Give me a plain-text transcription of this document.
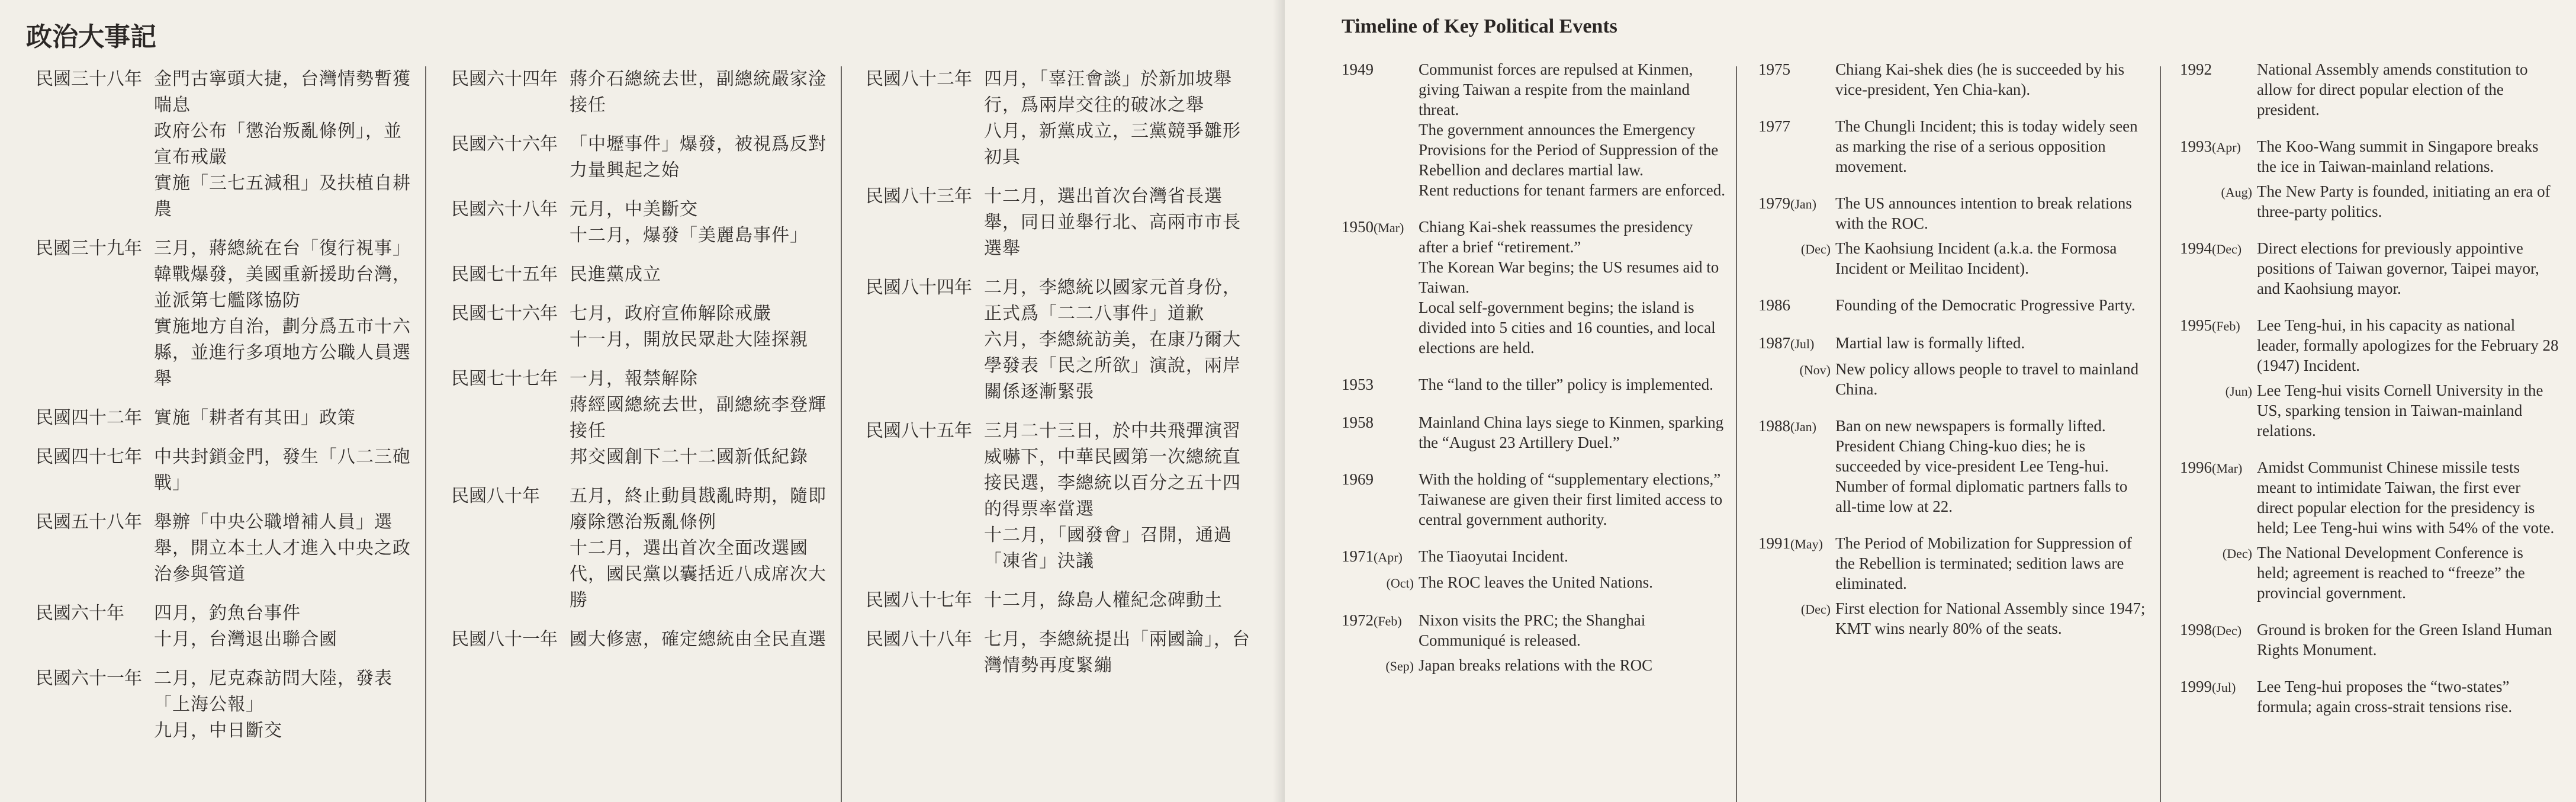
政治大事記
民國三十八年 金門古寧頭大捷，台灣情勢暫獲喘息
政府公布「懲治叛亂條例」，並宣布戒嚴
實施「三七五減租」及扶植自耕農
民國三十九年 三月，蔣總統在台「復行視事」
韓戰爆發，美國重新援助台灣，並派第七艦隊協防
實施地方自治，劃分爲五市十六縣，並進行多項地方公職人員選舉
民國四十二年 實施「耕者有其田」政策
民國四十七年 中共封鎖金門，發生「八二三砲戰」
民國五十八年 舉辦「中央公職增補人員」選舉，開立本土人才進入中央之政治參與管道
民國六十年	四月，釣魚台事件
十月，台灣退出聯合國
民國六十一年 二月，尼克森訪問大陸，發表「上海公報」
九月，中日斷交
民國六十四年 蔣介石總統去世，副總統嚴家淦接任
民國六十六年 「中壢事件」爆發，被視爲反對力量興起之始
民國六十八年 元月，中美斷交
十二月，爆發「美麗島事件」
民國七十五年 民進黨成立
民國七十六年 七月，政府宣佈解除戒嚴
十一月，開放民眾赴大陸探親
民國七十七年 一月，報禁解除
蔣經國總統去世，副總統李登輝接任
邦交國創下二十二國新低紀錄
民國八十年	五月，終止動員戡亂時期，隨即廢除懲治叛亂條例
十二月，選出首次全面改選國代，國民黨以囊括近八成席次大勝
民國八十一年 國大修憲，確定總統由全民直選
民國八十二年 四月，「辜汪會談」於新加坡舉行，爲兩岸交往的破冰之舉
八月，新黨成立，三黨競爭雛形初具
民國八十三年 十二月，選出首次台灣省長選舉，同日並舉行北、高兩市市長選舉
民國八十四年 二月，李總統以國家元首身份，正式爲「二二八事件」道歉
六月，李總統訪美，在康乃爾大學發表「民之所欲」演說，兩岸關係逐漸緊張
民國八十五年 三月二十三日，於中共飛彈演習威嚇下，中華民國第一次總統直接民選，李總統以百分之五十四的得票率當選
十二月，「國發會」召開，通過「凍省」決議
民國八十七年 十二月，綠島人權紀念碑動土
民國八十八年 七月，李總統提出「兩國論」，台灣情勢再度緊繃
Timeline of Key Political Events
1949	Communist forces are repulsed at Kinmen, giving Taiwan a respite from the mainland threat.
The government announces the Emergency Provisions for the Period of Suppression of the Rebellion and declares martial law.
Rent reductions for tenant farmers are enforced.
1950(Mar) Chiang Kai-shek reassumes the presidency after a brief “retirement.”
The Korean War begins; the US resumes aid to Taiwan.
Local self-government begins; the island is divided into 5 cities and 16 counties, and local elections are held.
1953	The “land to the tiller” policy is implemented.
1958	Mainland China lays siege to Kinmen, sparking the “August 23 Artillery Duel.”
1969	With the holding of “supplementary elections,” Taiwanese are given their first limited access to central government authority.
1971(Apr)	The Tiaoyutai Incident.
(Oct) The ROC leaves the United Nations.
1972(Feb)	Nixon visits the PRC; the Shanghai Communiqué is released.
(Sep) Japan breaks relations with the ROC
1975	Chiang Kai-shek dies (he is succeeded by his vice-president, Yen Chia-kan).
1977	The Chungli Incident; this is today widely seen as marking the rise of a serious opposition movement.
1979(Jan)	The US announces intention to break relations with the ROC.
(Dec) The Kaohsiung Incident (a.k.a. the Formosa Incident or Meilitao Incident).
1986	Founding of the Democratic Progressive Party.
1987(Jul)	Martial law is formally lifted.
(Nov) New policy allows people to travel to mainland China.
1988(Jan)	Ban on new newspapers is formally lifted.
President Chiang Ching-kuo dies; he is succeeded by vice-president Lee Teng-hui.
Number of formal diplomatic partners falls to all-time low at 22.
1991(May) The Period of Mobilization for Suppression of the Rebellion is terminated; sedition laws are eliminated.
(Dec) First election for National Assembly since 1947; KMT wins nearly 80% of the seats.
1992	National Assembly amends constitution to allow for direct popular election of the president.
1993(Apr)	The Koo-Wang summit in Singapore breaks the ice in Taiwan-mainland relations.
(Aug) The New Party is founded, initiating an era of three-party politics.
1994(Dec) Direct elections for previously appointive positions of Taiwan governor, Taipei mayor, and Kaohsiung mayor.
1995(Feb)	Lee Teng-hui, in his capacity as national leader, formally apologizes for the February 28 (1947) Incident.
(Jun) Lee Teng-hui visits Cornell University in the US, sparking tension in Taiwan-mainland relations.
1996(Mar) Amidst Communist Chinese missile tests meant to intimidate Taiwan, the first ever direct popular election for the presidency is held; Lee Teng-hui wins with 54% of the vote.
(Dec) The National Development Conference is held; agreement is reached to “freeze” the provincial government.
1998(Dec) Ground is broken for the Green Island Human Rights Monument.
1999(Jul)	Lee Teng-hui proposes the “two-states” formula; again cross-strait tensions rise.
